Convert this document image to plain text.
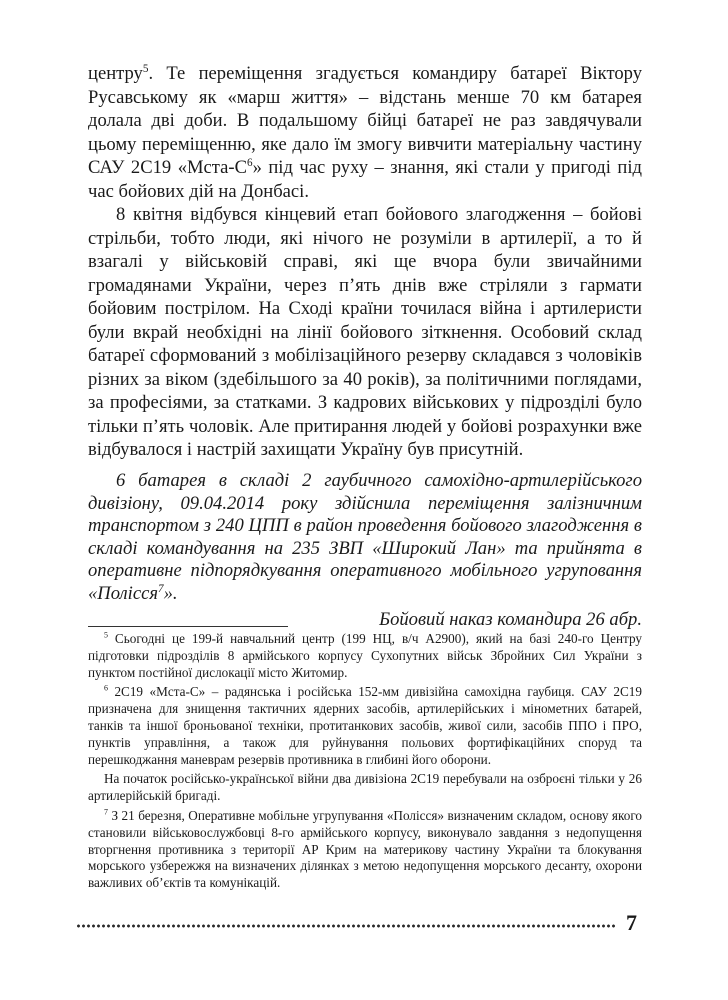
центру$^5$. Те переміщення згадується командиру батареї Віктору Русавському як «марш життя» – відстань менше 70 км батарея долала дві доби. В подальшому бійці батареї не раз завдячували цьому переміщенню, яке дало їм змогу вивчити матеріальну частину САУ 2С19 «$Мста-С^6$» під час руху – знання, які стали у пригоді під час бойових дій на Донбасі.

8 квітня відбувся кінцевий етап бойового злагодження – бойові стрільби, тобто люди, які нічого не розуміли в артилерії, а то й взагалі у військовій справі, які ще вчора були звичайними громадянами України, через п’ять днів вже стріляли з гармати бойовим пострілом. На Сході країни точилася війна і артилеристи були вкрай необхідні на лінії бойового зіткнення. Особовий склад батареї сформований з мобілізаційного резерву складався з чоловіків різних за віком (здебільшого за 40 років), за політичними поглядами, за професіями, за статками. З кадрових військових у підрозділі було тільки п’ять чоловік. Але притирання людей у бойові розрахунки вже відбувалося і настрій захищати Україну був присутній.

6 батарея в складі 2 гаубичного самохідно-артилерійського дивізіону, 09.04.2014 року здійснила переміщення залізничним транспортом з 240 ЦПП в район проведення бойового злагодження в складі командування на 235 ЗВП «Широкий Лан» та прийнята в оперативне підпорядкування оперативного мобільного угруповання «Полісся$^7$».

Бойовий наказ командира 26 абр.

$^5$ Сьогодні це 199-й навчальний центр (199 НЦ, в/ч А2900), який на базі 240-го Центру підготовки підрозділів 8 армійського корпусу Сухопутних військ Збройних Сил України з пунктом постійної дислокації місто Житомир.

$^6$ 2С19 «Мста-С» – радянська і російська 152-мм дивізійна самохідна гаубиця. САУ 2С19 призначена для знищення тактичних ядерних засобів, артилерійських і мінометних батарей, танків та іншої броньованої техніки, протитанкових засобів, живої сили, засобів ППО і ПРО, пунктів управління, а також для руйнування польових фортифікаційних споруд та перешкоджання маневрам резервів противника в глибині його оборони.

На початок російсько-української війни два дивізіона 2С19 перебували на озброєні тільки у 26 артилерійській бригаді.

$^7$ З 21 березня, Оперативне мобільне угрупування «Полісся» визначеним складом, основу якого становили військовослужбовці 8-го армійського корпусу, виконувало завдання з недопущення вторгнення противника з території АР Крим на материкову частину України та блокування морського узбережжя на визначених ділянках з метою недопущення морського десанту, охорони важливих об’єктів та комунікацій.

7
